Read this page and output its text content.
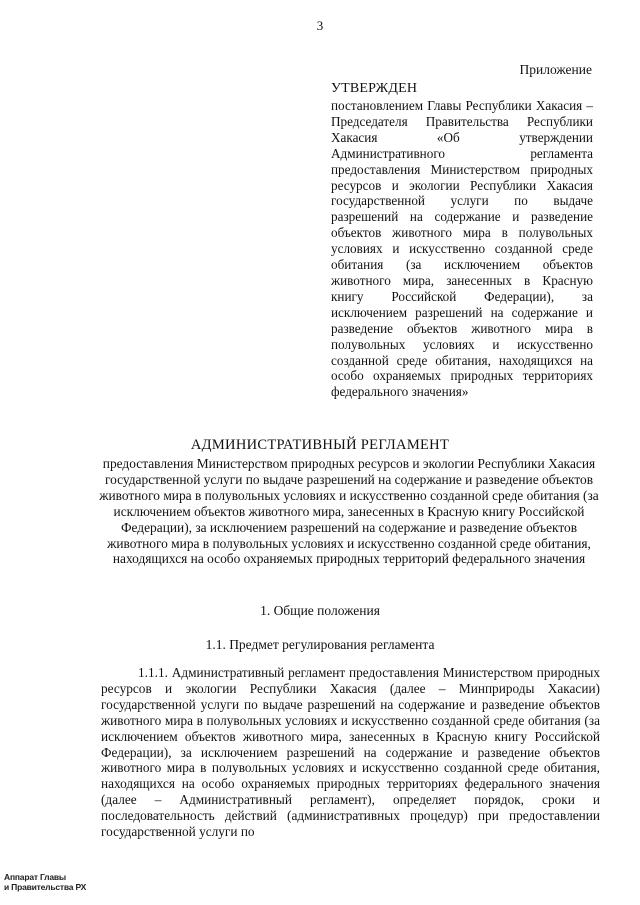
3
Приложение
УТВЕРЖДЕН
постановлением Главы Республики Хакасия – Председателя Правительства Республики Хакасия «Об утверждении Административного регламента предоставления Министерством природных ресурсов и экологии Республики Хакасия государственной услуги по выдаче разрешений на содержание и разведение объектов животного мира в полувольных условиях и искусственно созданной среде обитания (за исключением объектов животного мира, занесенных в Красную книгу Российской Федерации), за исключением разрешений на содержание и разведение объектов животного мира в полувольных условиях и искусственно созданной среде обитания, находящихся на особо охраняемых природных территориях федерального значения»
АДМИНИСТРАТИВНЫЙ РЕГЛАМЕНТ
предоставления Министерством природных ресурсов и экологии Республики Хакасия государственной услуги по выдаче разрешений на содержание и разведение объектов животного мира в полувольных условиях и искусственно созданной среде обитания (за исключением объектов животного мира, занесенных в Красную книгу Российской Федерации), за исключением разрешений на содержание и разведение объектов животного мира в полувольных условиях и искусственно созданной среде обитания, находящихся на особо охраняемых природных территорий федерального значения
1. Общие положения
1.1. Предмет регулирования регламента

1.1.1. Административный регламент предоставления Министерством природных ресурсов и экологии Республики Хакасия (далее – Минприроды Хакасии) государственной услуги по выдаче разрешений на содержание и разведение объектов животного мира в полувольных условиях и искусственно созданной среде обитания (за исключением объектов животного мира, занесенных в Красную книгу Российской Федерации), за исключением разрешений на содержание и разведение объектов животного мира в полувольных условиях и искусственно созданной среде обитания, находящихся на особо охраняемых природных территориях федерального значения (далее – Административный регламент), определяет порядок, сроки и последовательность действий (административных процедур) при предоставлении государственной услуги по

Аппарат Главы
и Правительства РХ
